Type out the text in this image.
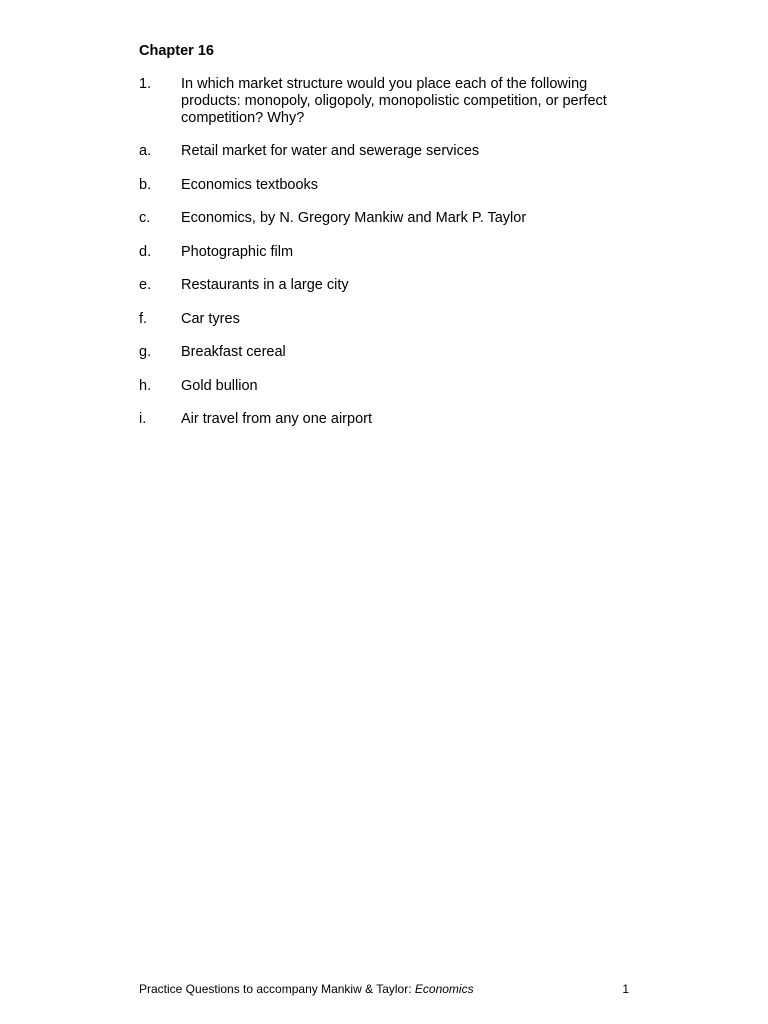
Chapter 16
1. In which market structure would you place each of the following products: monopoly, oligopoly, monopolistic competition, or perfect competition? Why?
a. Retail market for water and sewerage services
b. Economics textbooks
c. Economics, by N. Gregory Mankiw and Mark P. Taylor
d. Photographic film
e. Restaurants in a large city
f. Car tyres
g. Breakfast cereal
h. Gold bullion
i. Air travel from any one airport
Practice Questions to accompany Mankiw & Taylor: Economics	1
